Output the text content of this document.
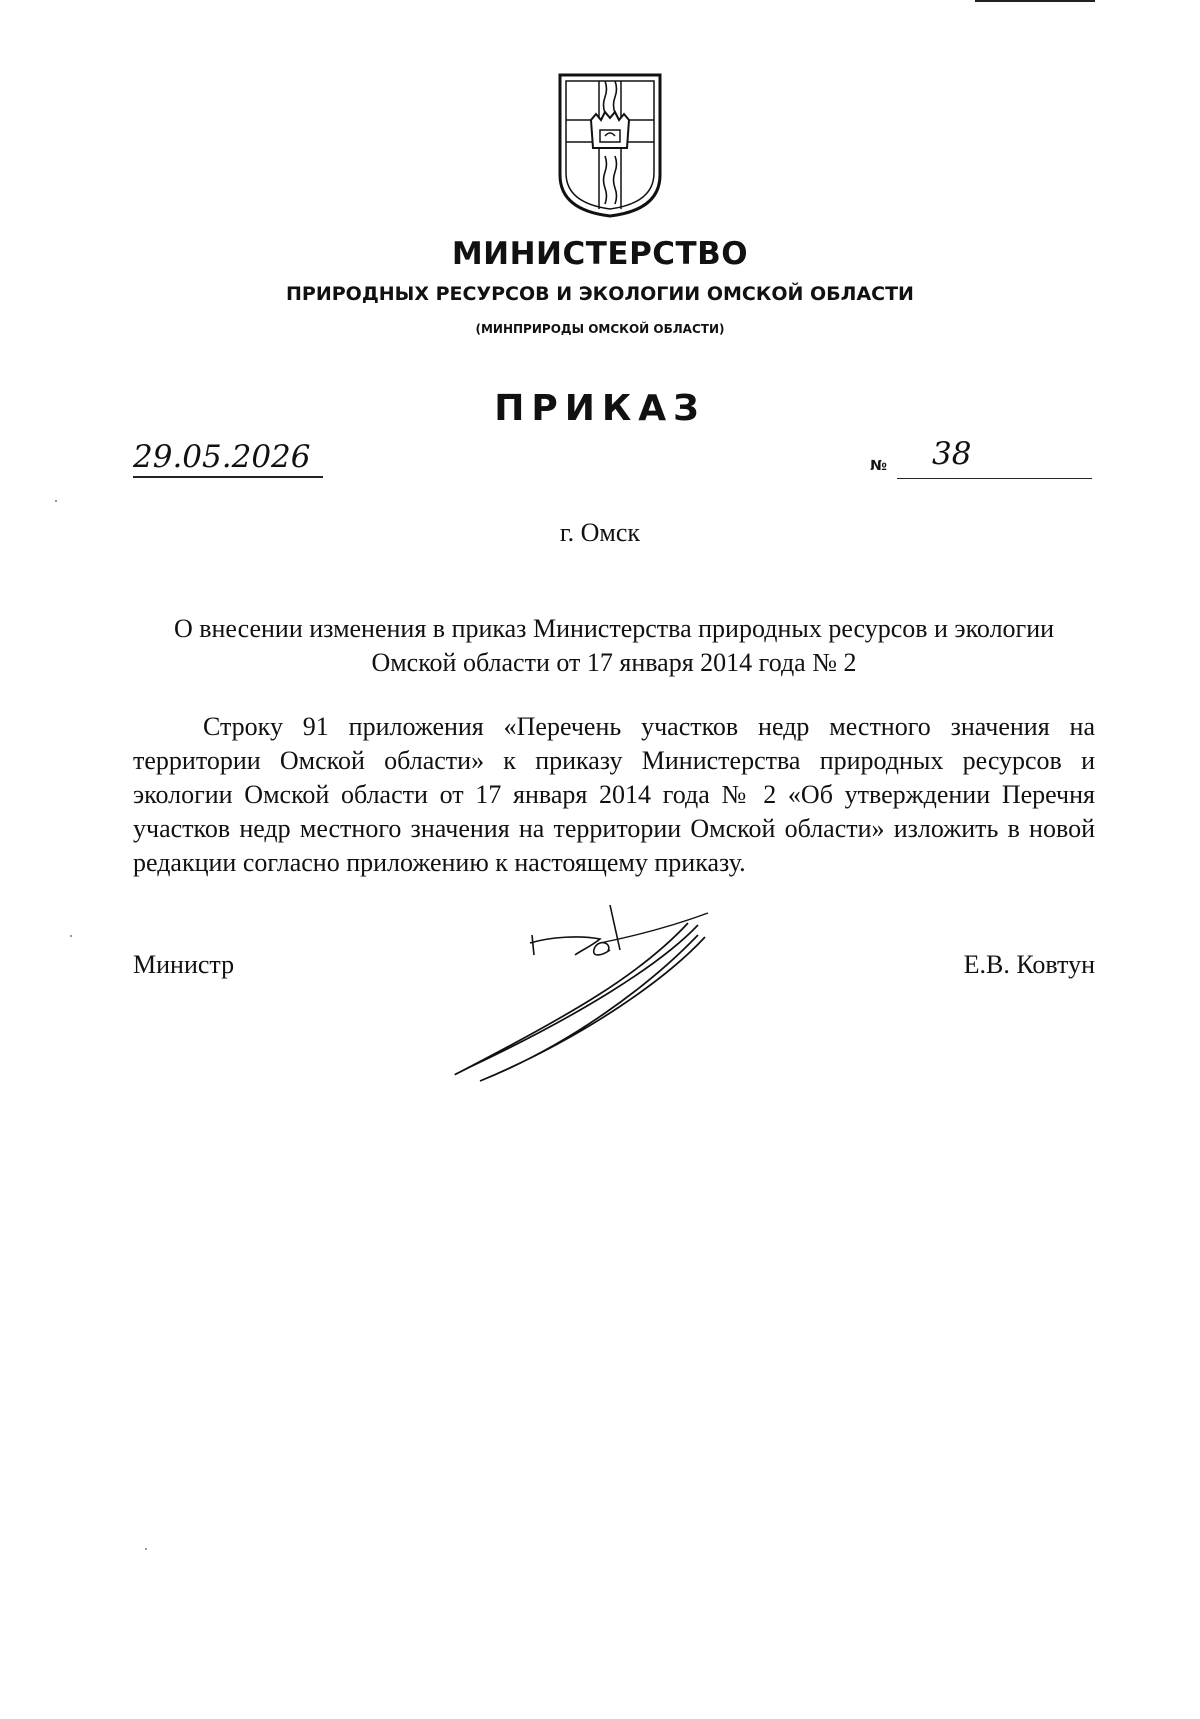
МИНИСТЕРСТВО
ПРИРОДНЫХ РЕСУРСОВ И ЭКОЛОГИИ ОМСКОЙ ОБЛАСТИ
(МИНПРИРОДЫ ОМСКОЙ ОБЛАСТИ)
ПРИКАЗ
29.05.2026	№ 38
г. Омск
О внесении изменения в приказ Министерства природных ресурсов и экологии Омской области от 17 января 2014 года № 2
Строку 91 приложения «Перечень участков недр местного значения на территории Омской области» к приказу Министерства природных ресурсов и экологии Омской области от 17 января 2014 года № 2 «Об утверждении Перечня участков недр местного значения на территории Омской области» изложить в новой редакции согласно приложению к настоящему приказу.
Министр	Е.В. Ковтун
